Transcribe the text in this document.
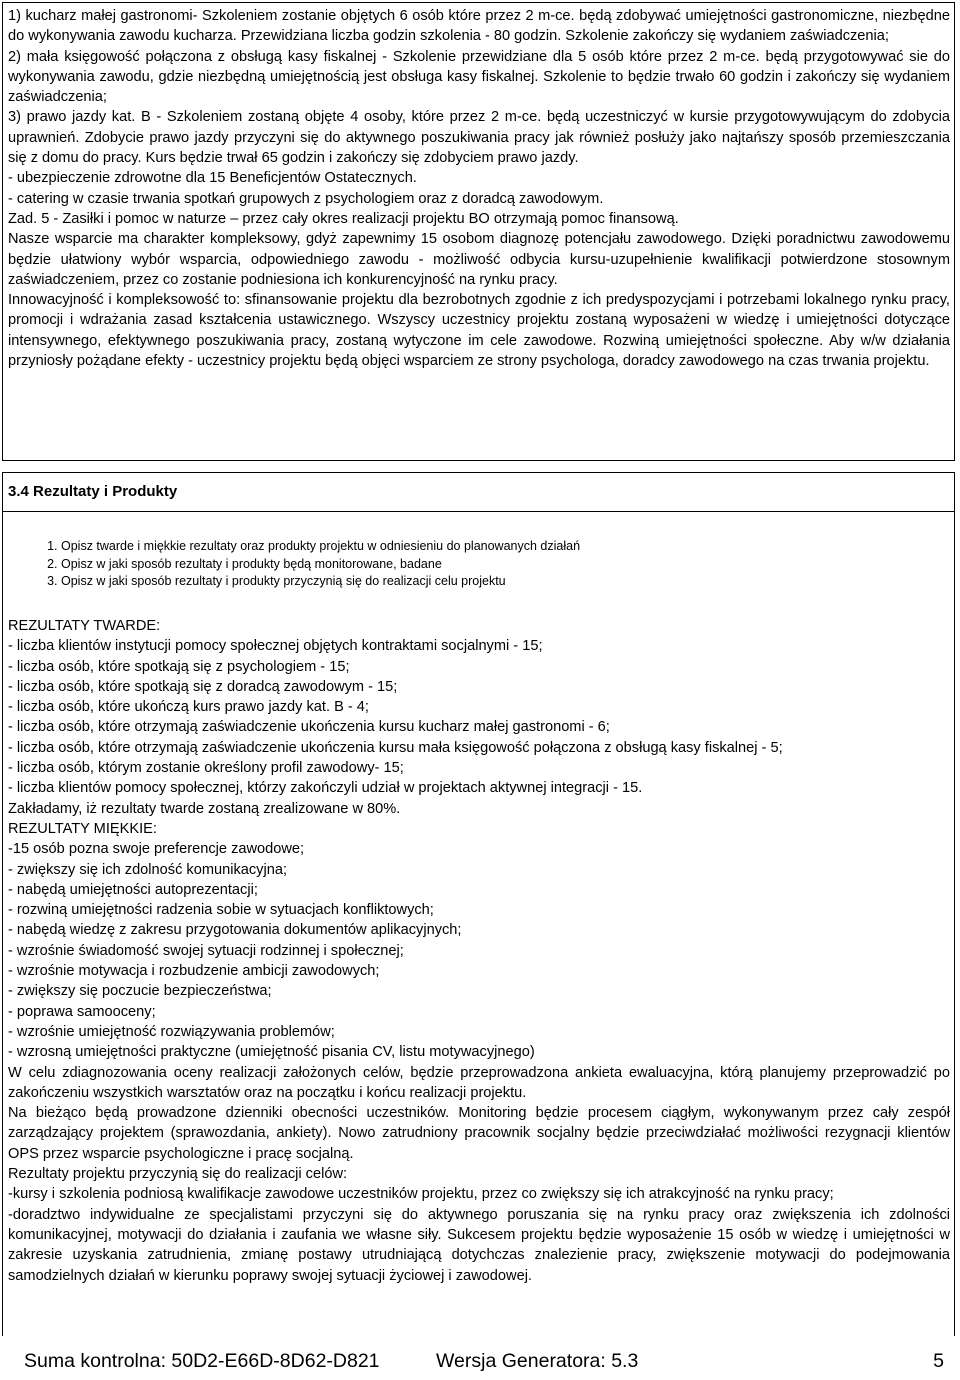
1) kucharz małej gastronomi- Szkoleniem zostanie objętych 6 osób które przez 2 m-ce. będą zdobywać umiejętności gastronomiczne, niezbędne do wykonywania zawodu kucharza. Przewidziana liczba godzin szkolenia - 80 godzin. Szkolenie zakończy się wydaniem zaświadczenia;

2) mała księgowość połączona z obsługą kasy fiskalnej - Szkolenie przewidziane dla 5 osób które przez 2 m-ce. będą przygotowywać sie do wykonywania zawodu, gdzie niezbędną umiejętnością jest obsługa kasy fiskalnej. Szkolenie to będzie trwało 60 godzin i zakończy się wydaniem zaświadczenia;

3) prawo jazdy kat. B - Szkoleniem zostaną objęte 4 osoby, które przez 2 m-ce. będą uczestniczyć w kursie przygotowywującym do zdobycia uprawnień. Zdobycie prawo jazdy przyczyni się do aktywnego poszukiwania pracy jak również posłuży jako najtańszy sposób przemieszczania się z domu do pracy. Kurs będzie trwał 65 godzin i zakończy się zdobyciem prawo jazdy.

- ubezpieczenie zdrowotne dla 15 Beneficjentów Ostatecznych.

- catering w czasie trwania spotkań grupowych z psychologiem oraz z doradcą zawodowym.

Zad. 5 - Zasiłki i pomoc w naturze – przez cały okres realizacji projektu BO otrzymają pomoc finansową.

Nasze wsparcie ma charakter kompleksowy, gdyż zapewnimy 15 osobom diagnozę potencjału zawodowego. Dzięki poradnictwu zawodowemu będzie ułatwiony wybór wsparcia, odpowiedniego zawodu - możliwość odbycia kursu-uzupełnienie kwalifikacji potwierdzone stosownym zaświadczeniem, przez co zostanie podniesiona ich konkurencyjność na rynku pracy.

Innowacyjność i kompleksowość to: sfinansowanie projektu dla bezrobotnych zgodnie z ich predyspozycjami i potrzebami lokalnego rynku pracy, promocji i wdrażania zasad kształcenia ustawicznego. Wszyscy uczestnicy projektu zostaną wyposażeni w wiedzę i umiejętności dotyczące intensywnego, efektywnego poszukiwania pracy, zostaną wytyczone im cele zawodowe. Rozwiną umiejętności społeczne. Aby w/w działania przyniosły pożądane efekty - uczestnicy projektu będą objęci wsparciem ze strony psychologa, doradcy zawodowego na czas trwania projektu.

3.4 Rezultaty i Produkty
1. Opisz twarde i miękkie rezultaty oraz produkty projektu w odniesieniu do planowanych działań
2. Opisz w jaki sposób rezultaty i produkty będą monitorowane, badane
3. Opisz w jaki sposób rezultaty i produkty przyczynią się do realizacji celu projektu

REZULTATY TWARDE:

- liczba klientów instytucji pomocy społecznej objętych kontraktami socjalnymi - 15;

- liczba osób, które spotkają się z psychologiem - 15;

- liczba osób, które spotkają się z doradcą zawodowym - 15;

- liczba osób, które ukończą kurs prawo jazdy kat. B - 4;

- liczba osób, które otrzymają zaświadczenie ukończenia kursu kucharz małej gastronomi - 6;

- liczba osób, które otrzymają zaświadczenie ukończenia kursu mała księgowość połączona z obsługą kasy fiskalnej - 5;

- liczba osób, którym zostanie określony profil zawodowy- 15;

- liczba klientów pomocy społecznej, którzy zakończyli udział w projektach aktywnej integracji - 15.

Zakładamy, iż rezultaty twarde zostaną zrealizowane w 80%.

REZULTATY MIĘKKIE:

-15 osób pozna swoje preferencje zawodowe;

- zwiększy się ich zdolność komunikacyjna;

- nabędą umiejętności autoprezentacji;

- rozwiną umiejętności radzenia sobie w sytuacjach konfliktowych;

- nabędą wiedzę z zakresu przygotowania dokumentów aplikacyjnych;

- wzrośnie świadomość swojej sytuacji rodzinnej i społecznej;

- wzrośnie motywacja i rozbudzenie ambicji zawodowych;

- zwiększy się poczucie bezpieczeństwa;

- poprawa samooceny;

- wzrośnie umiejętność rozwiązywania problemów;

- wzrosną umiejętności praktyczne (umiejętność pisania CV, listu motywacyjnego)

W celu zdiagnozowania oceny realizacji założonych celów, będzie przeprowadzona ankieta ewaluacyjna, którą planujemy przeprowadzić po zakończeniu wszystkich warsztatów oraz na początku i końcu realizacji projektu.

Na bieżąco będą prowadzone dzienniki obecności uczestników. Monitoring będzie procesem ciągłym, wykonywanym przez cały zespół zarządzający projektem (sprawozdania, ankiety). Nowo zatrudniony pracownik socjalny będzie przeciwdziałać możliwości rezygnacji klientów OPS przez wsparcie psychologiczne i pracę socjalną.

Rezultaty projektu przyczynią się do realizacji celów:

-kursy i szkolenia podniosą kwalifikacje zawodowe uczestników projektu, przez co zwiększy się ich atrakcyjność na rynku pracy;

-doradztwo indywidualne ze specjalistami przyczyni się do aktywnego poruszania się na rynku pracy oraz zwiększenia ich zdolności komunikacyjnej, motywacji do działania i zaufania we własne siły. Sukcesem projektu będzie wyposażenie 15 osób w wiedzę i umiejętności w zakresie uzyskania zatrudnienia, zmianę postawy utrudniającą dotychczas znalezienie pracy, zwiększenie motywacji do podejmowania samodzielnych działań w kierunku poprawy swojej sytuacji życiowej i zawodowej.

Suma kontrolna: 50D2-E66D-8D62-D821	Wersja Generatora: 5.3	5
